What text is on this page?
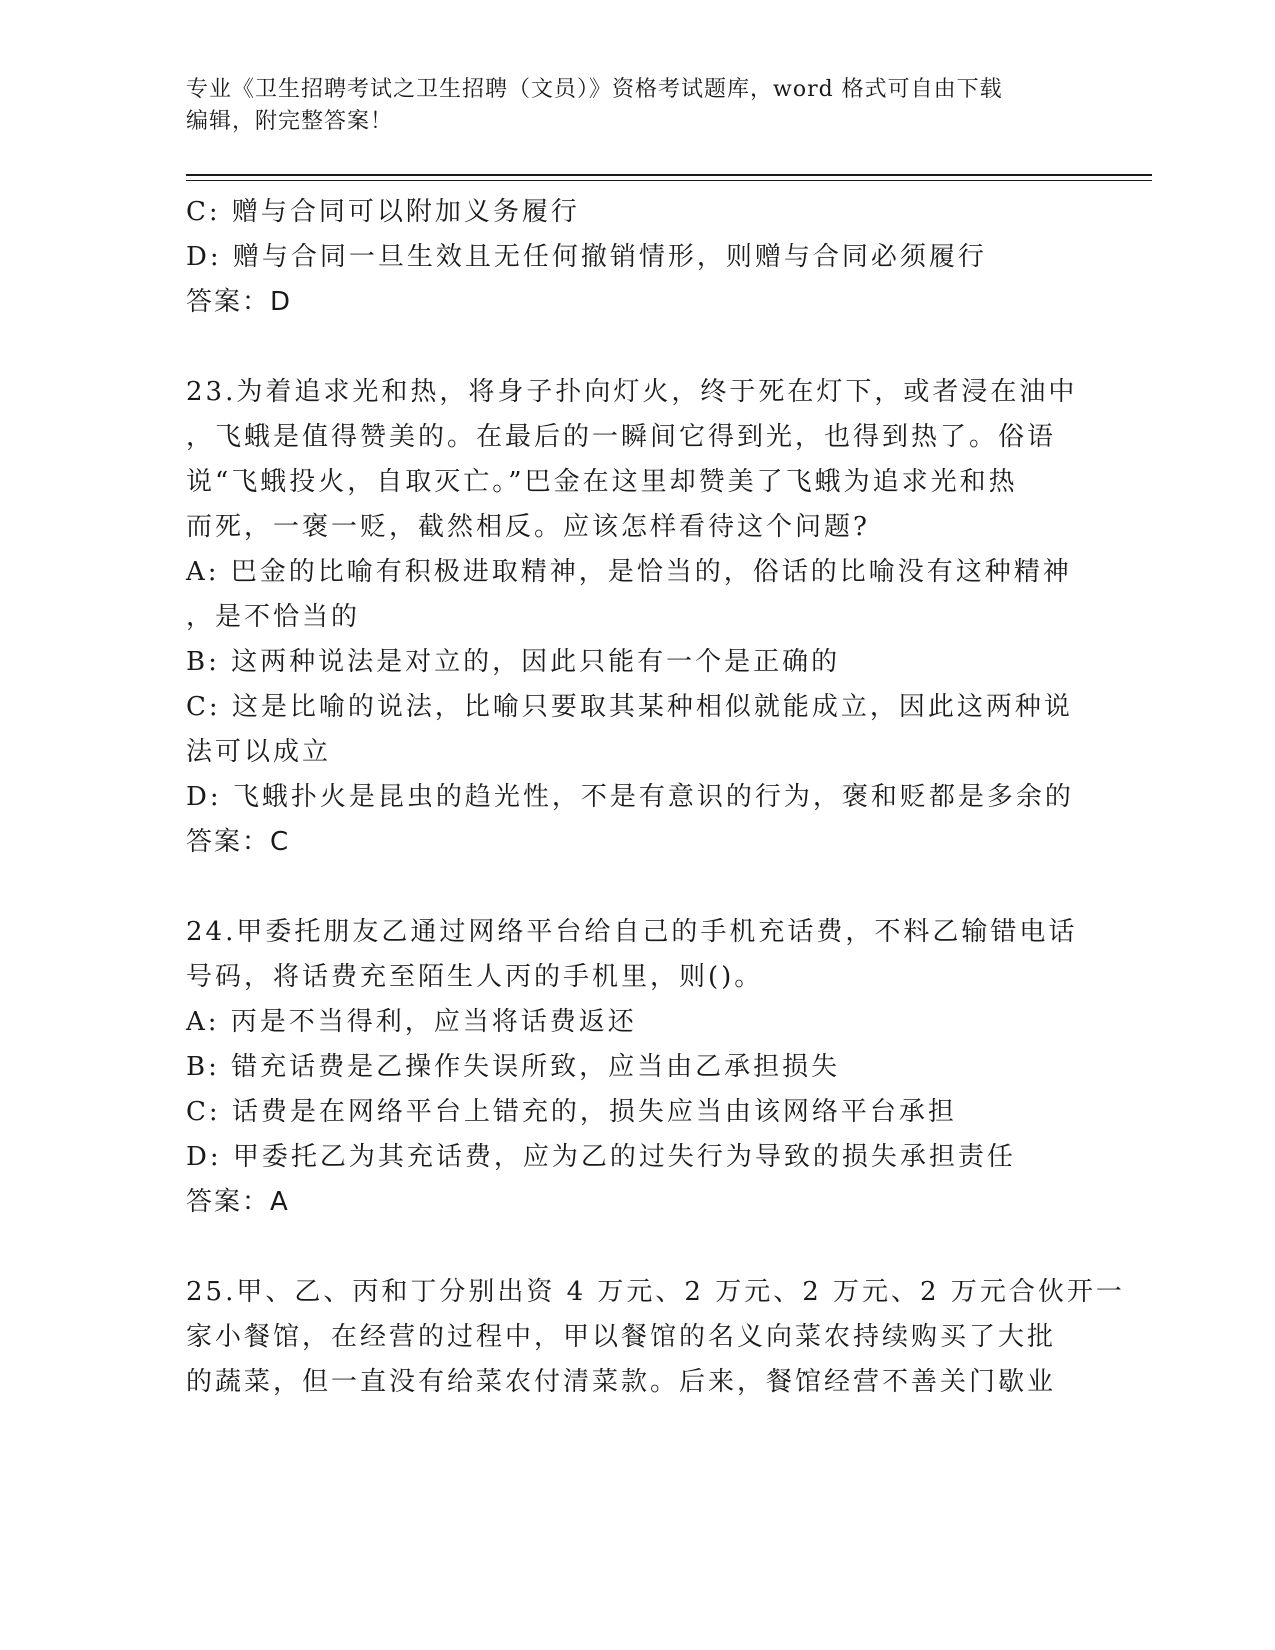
专业《卫生招聘考试之卫生招聘（文员）》资格考试题库，word 格式可自由下载
编辑，附完整答案！
C: 赠与合同可以附加义务履行
D: 赠与合同一旦生效且无任何撤销情形，则赠与合同必须履行
答案：D
23.为着追求光和热，将身子扑向灯火，终于死在灯下，或者浸在油中
，飞蛾是值得赞美的。在最后的一瞬间它得到光，也得到热了。俗语
说“飞蛾投火，自取灭亡。”巴金在这里却赞美了飞蛾为追求光和热
而死，一褒一贬，截然相反。应该怎样看待这个问题?
A: 巴金的比喻有积极进取精神，是恰当的，俗话的比喻没有这种精神
，是不恰当的
B: 这两种说法是对立的，因此只能有一个是正确的
C: 这是比喻的说法，比喻只要取其某种相似就能成立，因此这两种说
法可以成立
D: 飞蛾扑火是昆虫的趋光性，不是有意识的行为，褒和贬都是多余的
答案：C
24.甲委托朋友乙通过网络平台给自己的手机充话费，不料乙输错电话
号码，将话费充至陌生人丙的手机里，则()。
A: 丙是不当得利，应当将话费返还
B: 错充话费是乙操作失误所致，应当由乙承担损失
C: 话费是在网络平台上错充的，损失应当由该网络平台承担
D: 甲委托乙为其充话费，应为乙的过失行为导致的损失承担责任
答案：A
25.甲、乙、丙和丁分别出资 4 万元、2 万元、2 万元、2 万元合伙开一
家小餐馆，在经营的过程中，甲以餐馆的名义向菜农持续购买了大批
的蔬菜，但一直没有给菜农付清菜款。后来，餐馆经营不善关门歇业
